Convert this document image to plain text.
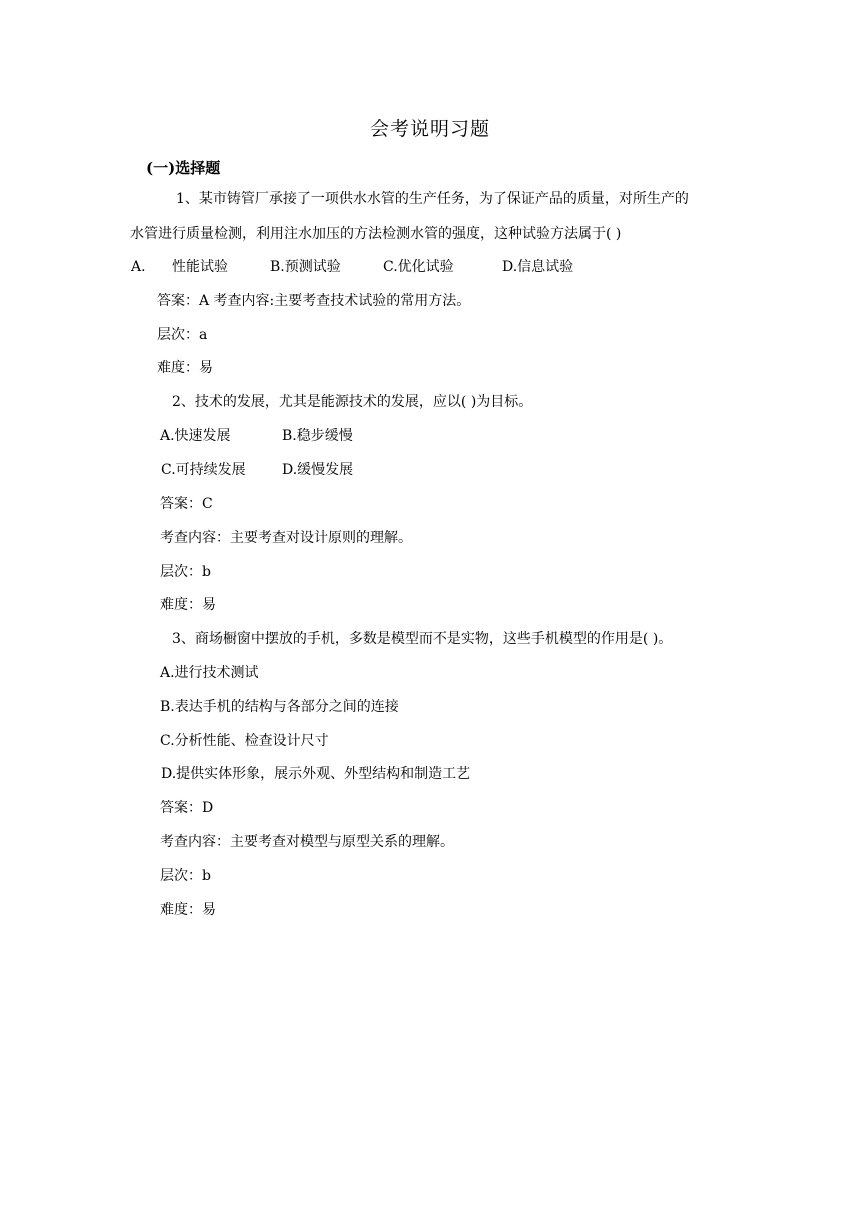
会考说明习题
(一)选择题
1、某市铸管厂承接了一项供水水管的生产任务，为了保证产品的质量，对所生产的
水管进行质量检测，利用注水加压的方法检测水管的强度，这种试验方法属于( )
A. 性能试验	B.预测试验	C.优化试验	D.信息试验
答案：A 考查内容:主要考查技术试验的常用方法。
层次：a
难度：易
2、技术的发展，尤其是能源技术的发展，应以( )为目标。
A.快速发展	B.稳步缓慢
C.可持续发展	D.缓慢发展
答案：C
考查内容：主要考查对设计原则的理解。
层次：b
难度：易
3、商场橱窗中摆放的手机，多数是模型而不是实物，这些手机模型的作用是( )。
A.进行技术测试
B.表达手机的结构与各部分之间的连接
C.分析性能、检查设计尺寸
D.提供实体形象，展示外观、外型结构和制造工艺
答案：D
考查内容：主要考查对模型与原型关系的理解。
层次：b
难度：易
